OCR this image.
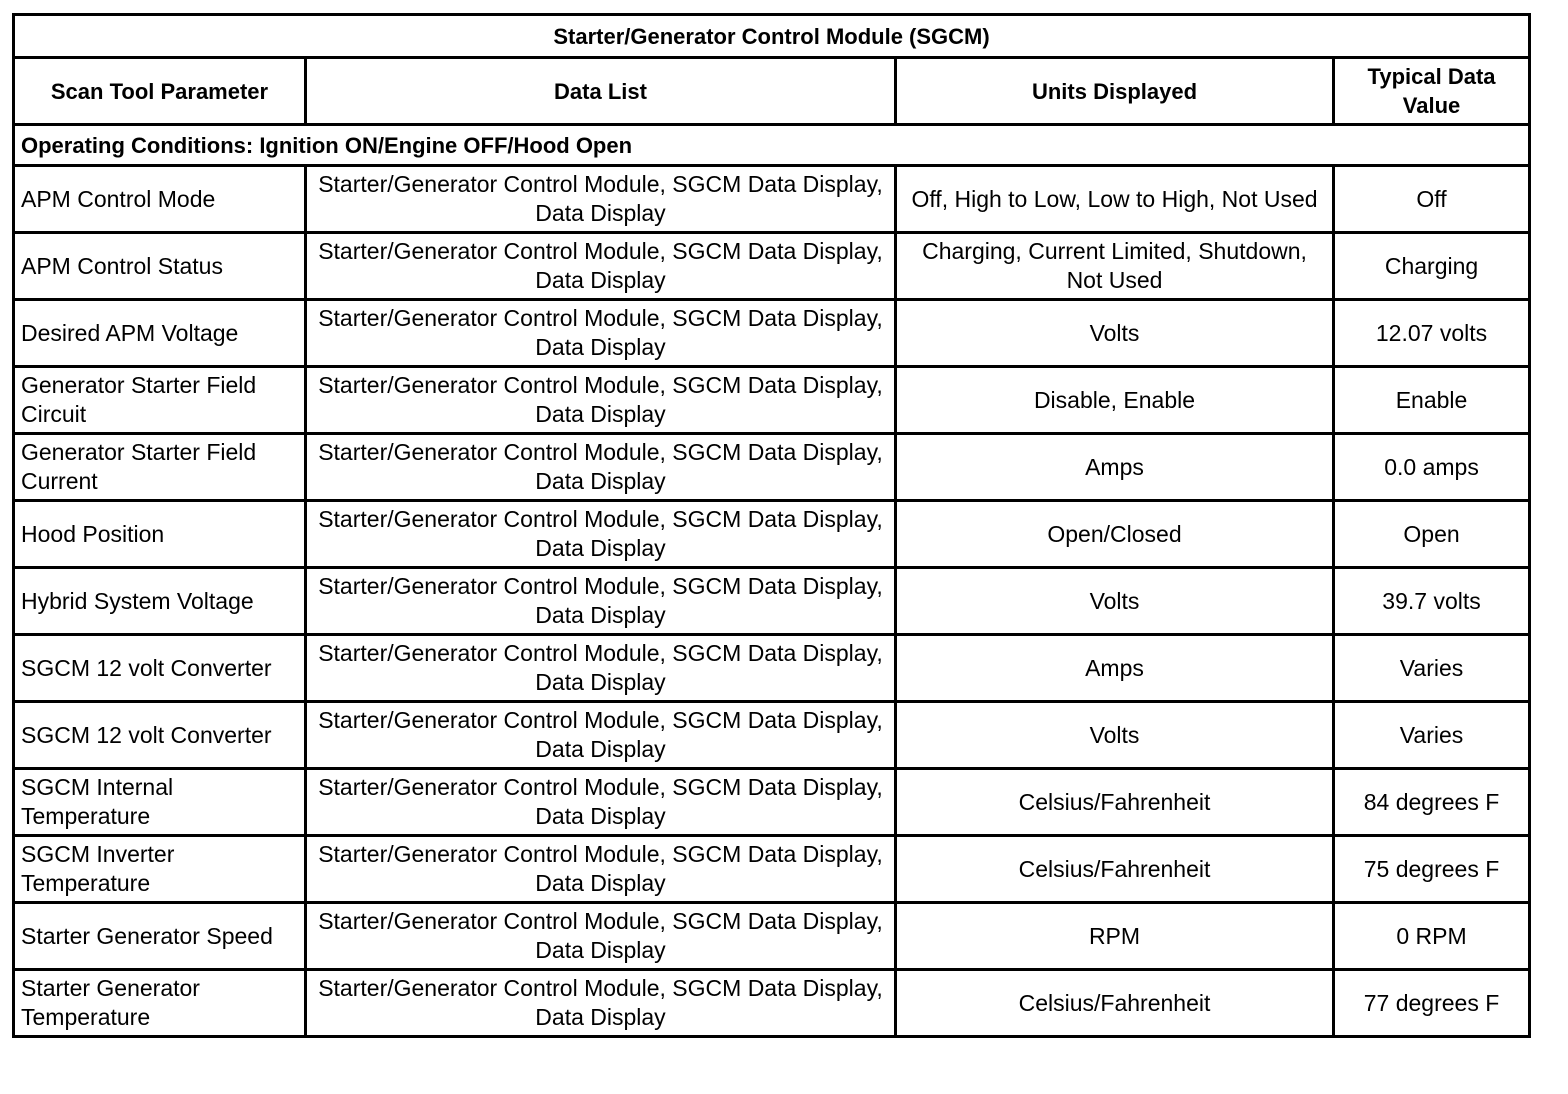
Starter/Generator Control Module (SGCM)			
Scan Tool Parameter	Data List	Units Displayed	Typical Data Value
Operating Conditions: Ignition ON/Engine OFF/Hood Open			
APM Control Mode	Starter/Generator Control Module, SGCM Data Display, Data Display	Off, High to Low, Low to High, Not Used	Off
APM Control Status	Starter/Generator Control Module, SGCM Data Display, Data Display	Charging, Current Limited, Shutdown, Not Used	Charging
Desired APM Voltage	Starter/Generator Control Module, SGCM Data Display, Data Display	Volts	12.07 volts
Generator Starter Field Circuit	Starter/Generator Control Module, SGCM Data Display, Data Display	Disable, Enable	Enable
Generator Starter Field Current	Starter/Generator Control Module, SGCM Data Display, Data Display	Amps	0.0 amps
Hood Position	Starter/Generator Control Module, SGCM Data Display, Data Display	Open/Closed	Open
Hybrid System Voltage	Starter/Generator Control Module, SGCM Data Display, Data Display	Volts	39.7 volts
SGCM 12 volt Converter	Starter/Generator Control Module, SGCM Data Display, Data Display	Amps	Varies
SGCM 12 volt Converter	Starter/Generator Control Module, SGCM Data Display, Data Display	Volts	Varies
SGCM Internal Temperature	Starter/Generator Control Module, SGCM Data Display, Data Display	Celsius/Fahrenheit	84 degrees F
SGCM Inverter Temperature	Starter/Generator Control Module, SGCM Data Display, Data Display	Celsius/Fahrenheit	75 degrees F
Starter Generator Speed	Starter/Generator Control Module, SGCM Data Display, Data Display	RPM	0 RPM
Starter Generator Temperature	Starter/Generator Control Module, SGCM Data Display, Data Display	Celsius/Fahrenheit	77 degrees F
